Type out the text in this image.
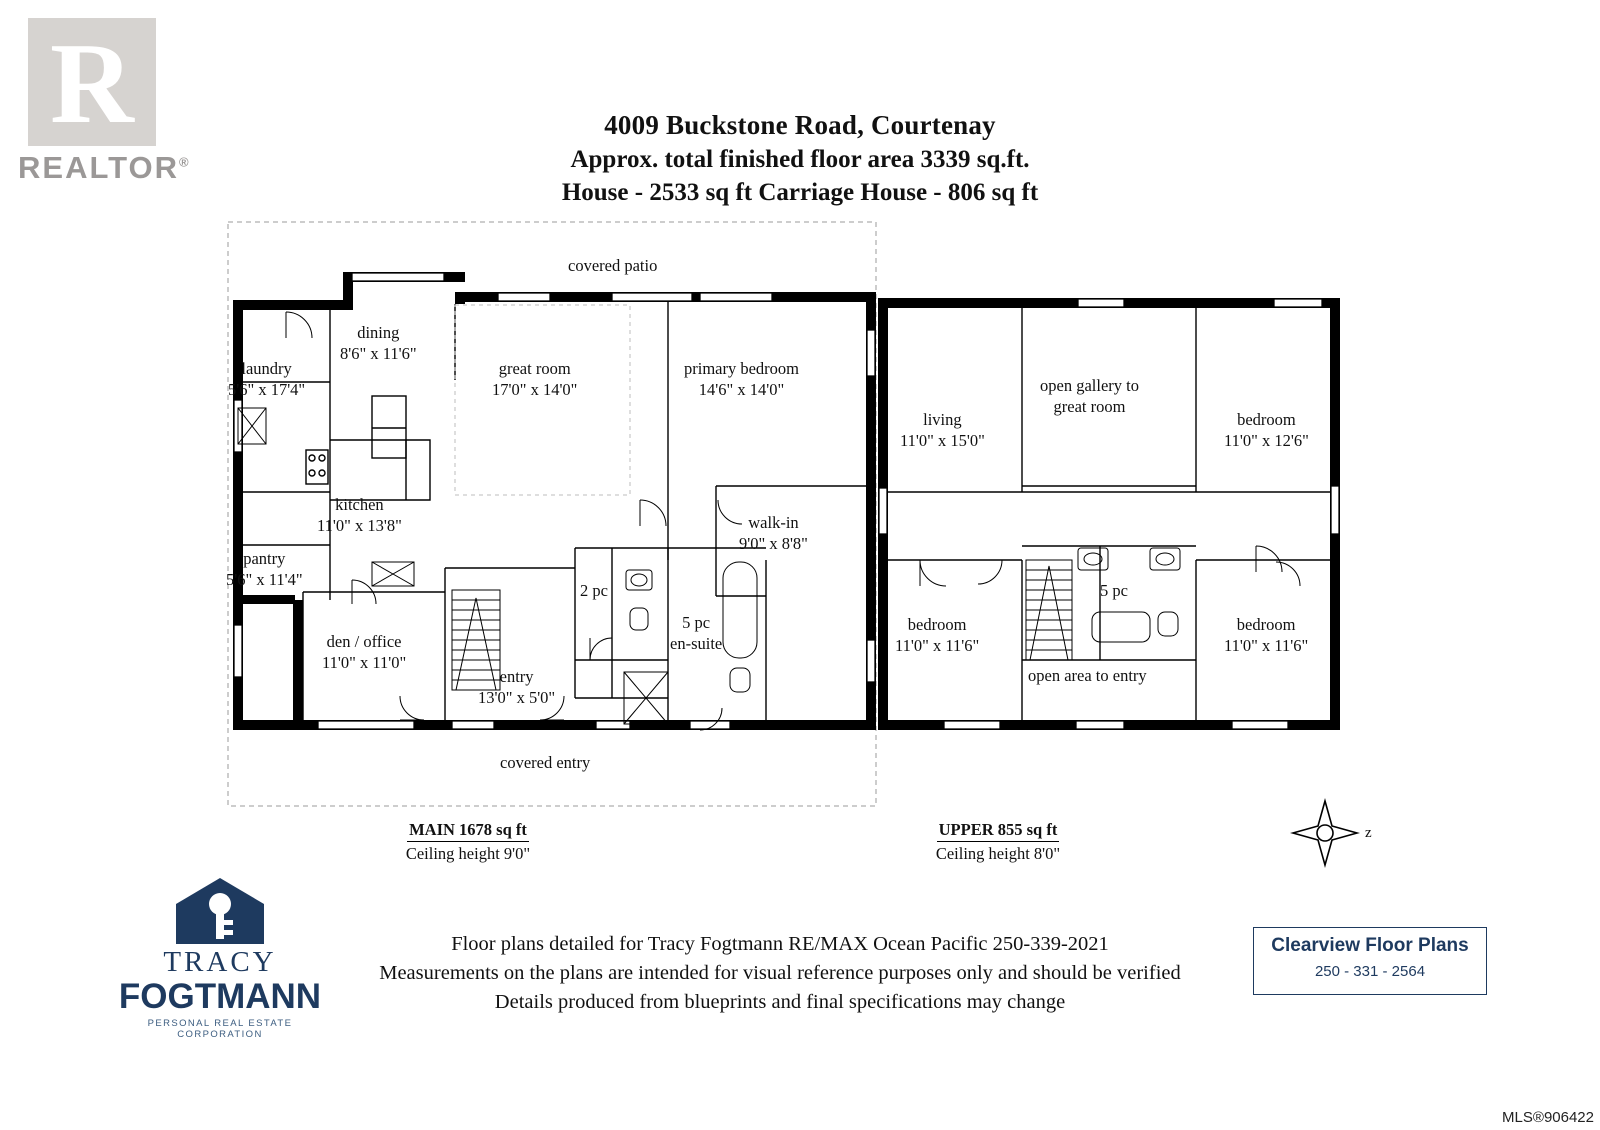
R
REALTOR®
4009 Buckstone Road, Courtenay
Approx. total finished floor area 3339 sq.ft.
House - 2533 sq ft Carriage House - 806 sq ft
covered patio
dining
8'6" x 11'6"
laundry
5'6" x 17'4"
great room
17'0" x 14'0"
primary bedroom
14'6" x 14'0"
kitchen
11'0" x 13'8"	walk-in
9'0" x 8'8"
pantry
5'6" x 11'4"
2 pc
5 pc
en-suite
den / office
11'0" x 11'0"
entry
13'0" x 5'0"
covered entry
living
11'0" x 15'0"
open gallery to
great room
bedroom
11'0" x 12'6"
bedroom
11'0" x 11'6"
5 pc
bedroom
11'0" x 11'6"
open area to entry
MAIN 1678 sq ft
Ceiling height 9'0"
UPPER 855 sq ft
Ceiling height 8'0"
z
TRACY
FOGTMANN
PERSONAL REAL ESTATE CORPORATION
Floor plans detailed for Tracy Fogtmann RE/MAX Ocean Pacific 250-339-2021
Measurements on the plans are intended for visual reference purposes only and should be verified
Details produced from blueprints and final specifications may change
Clearview Floor Plans
250 - 331 - 2564
MLS®906422
